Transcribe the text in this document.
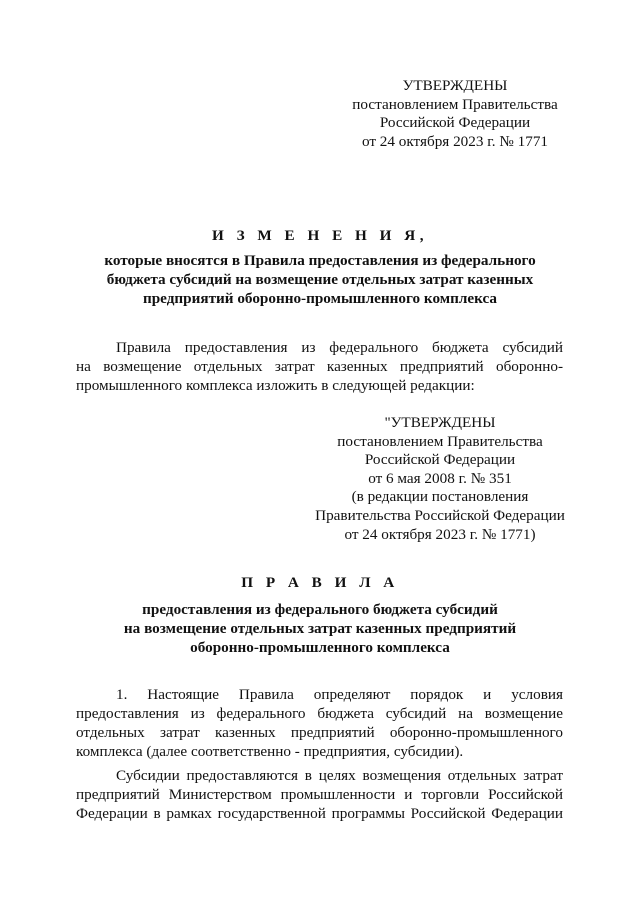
УТВЕРЖДЕНЫ
постановлением Правительства
Российской Федерации
от 24 октября 2023 г. № 1771
И З М Е Н Е Н И Я,
которые вносятся в Правила предоставления из федерального
бюджета субсидий на возмещение отдельных затрат казенных
предприятий оборонно-промышленного комплекса
Правила предоставления из федерального бюджета субсидий
на возмещение отдельных затрат казенных предприятий оборонно-
промышленного комплекса изложить в следующей редакции:
"УТВЕРЖДЕНЫ
постановлением Правительства
Российской Федерации
от 6 мая 2008 г. № 351
(в редакции постановления
Правительства Российской Федерации
от 24 октября 2023 г. № 1771)
П Р А В И Л А
предоставления из федерального бюджета субсидий
на возмещение отдельных затрат казенных предприятий
оборонно-промышленного комплекса
1. Настоящие Правила определяют порядок и условия
предоставления из федерального бюджета субсидий на возмещение
отдельных затрат казенных предприятий оборонно-промышленного
комплекса (далее соответственно - предприятия, субсидии).
Субсидии предоставляются в целях возмещения отдельных затрат
предприятий Министерством промышленности и торговли Российской
Федерации в рамках государственной программы Российской Федерации
